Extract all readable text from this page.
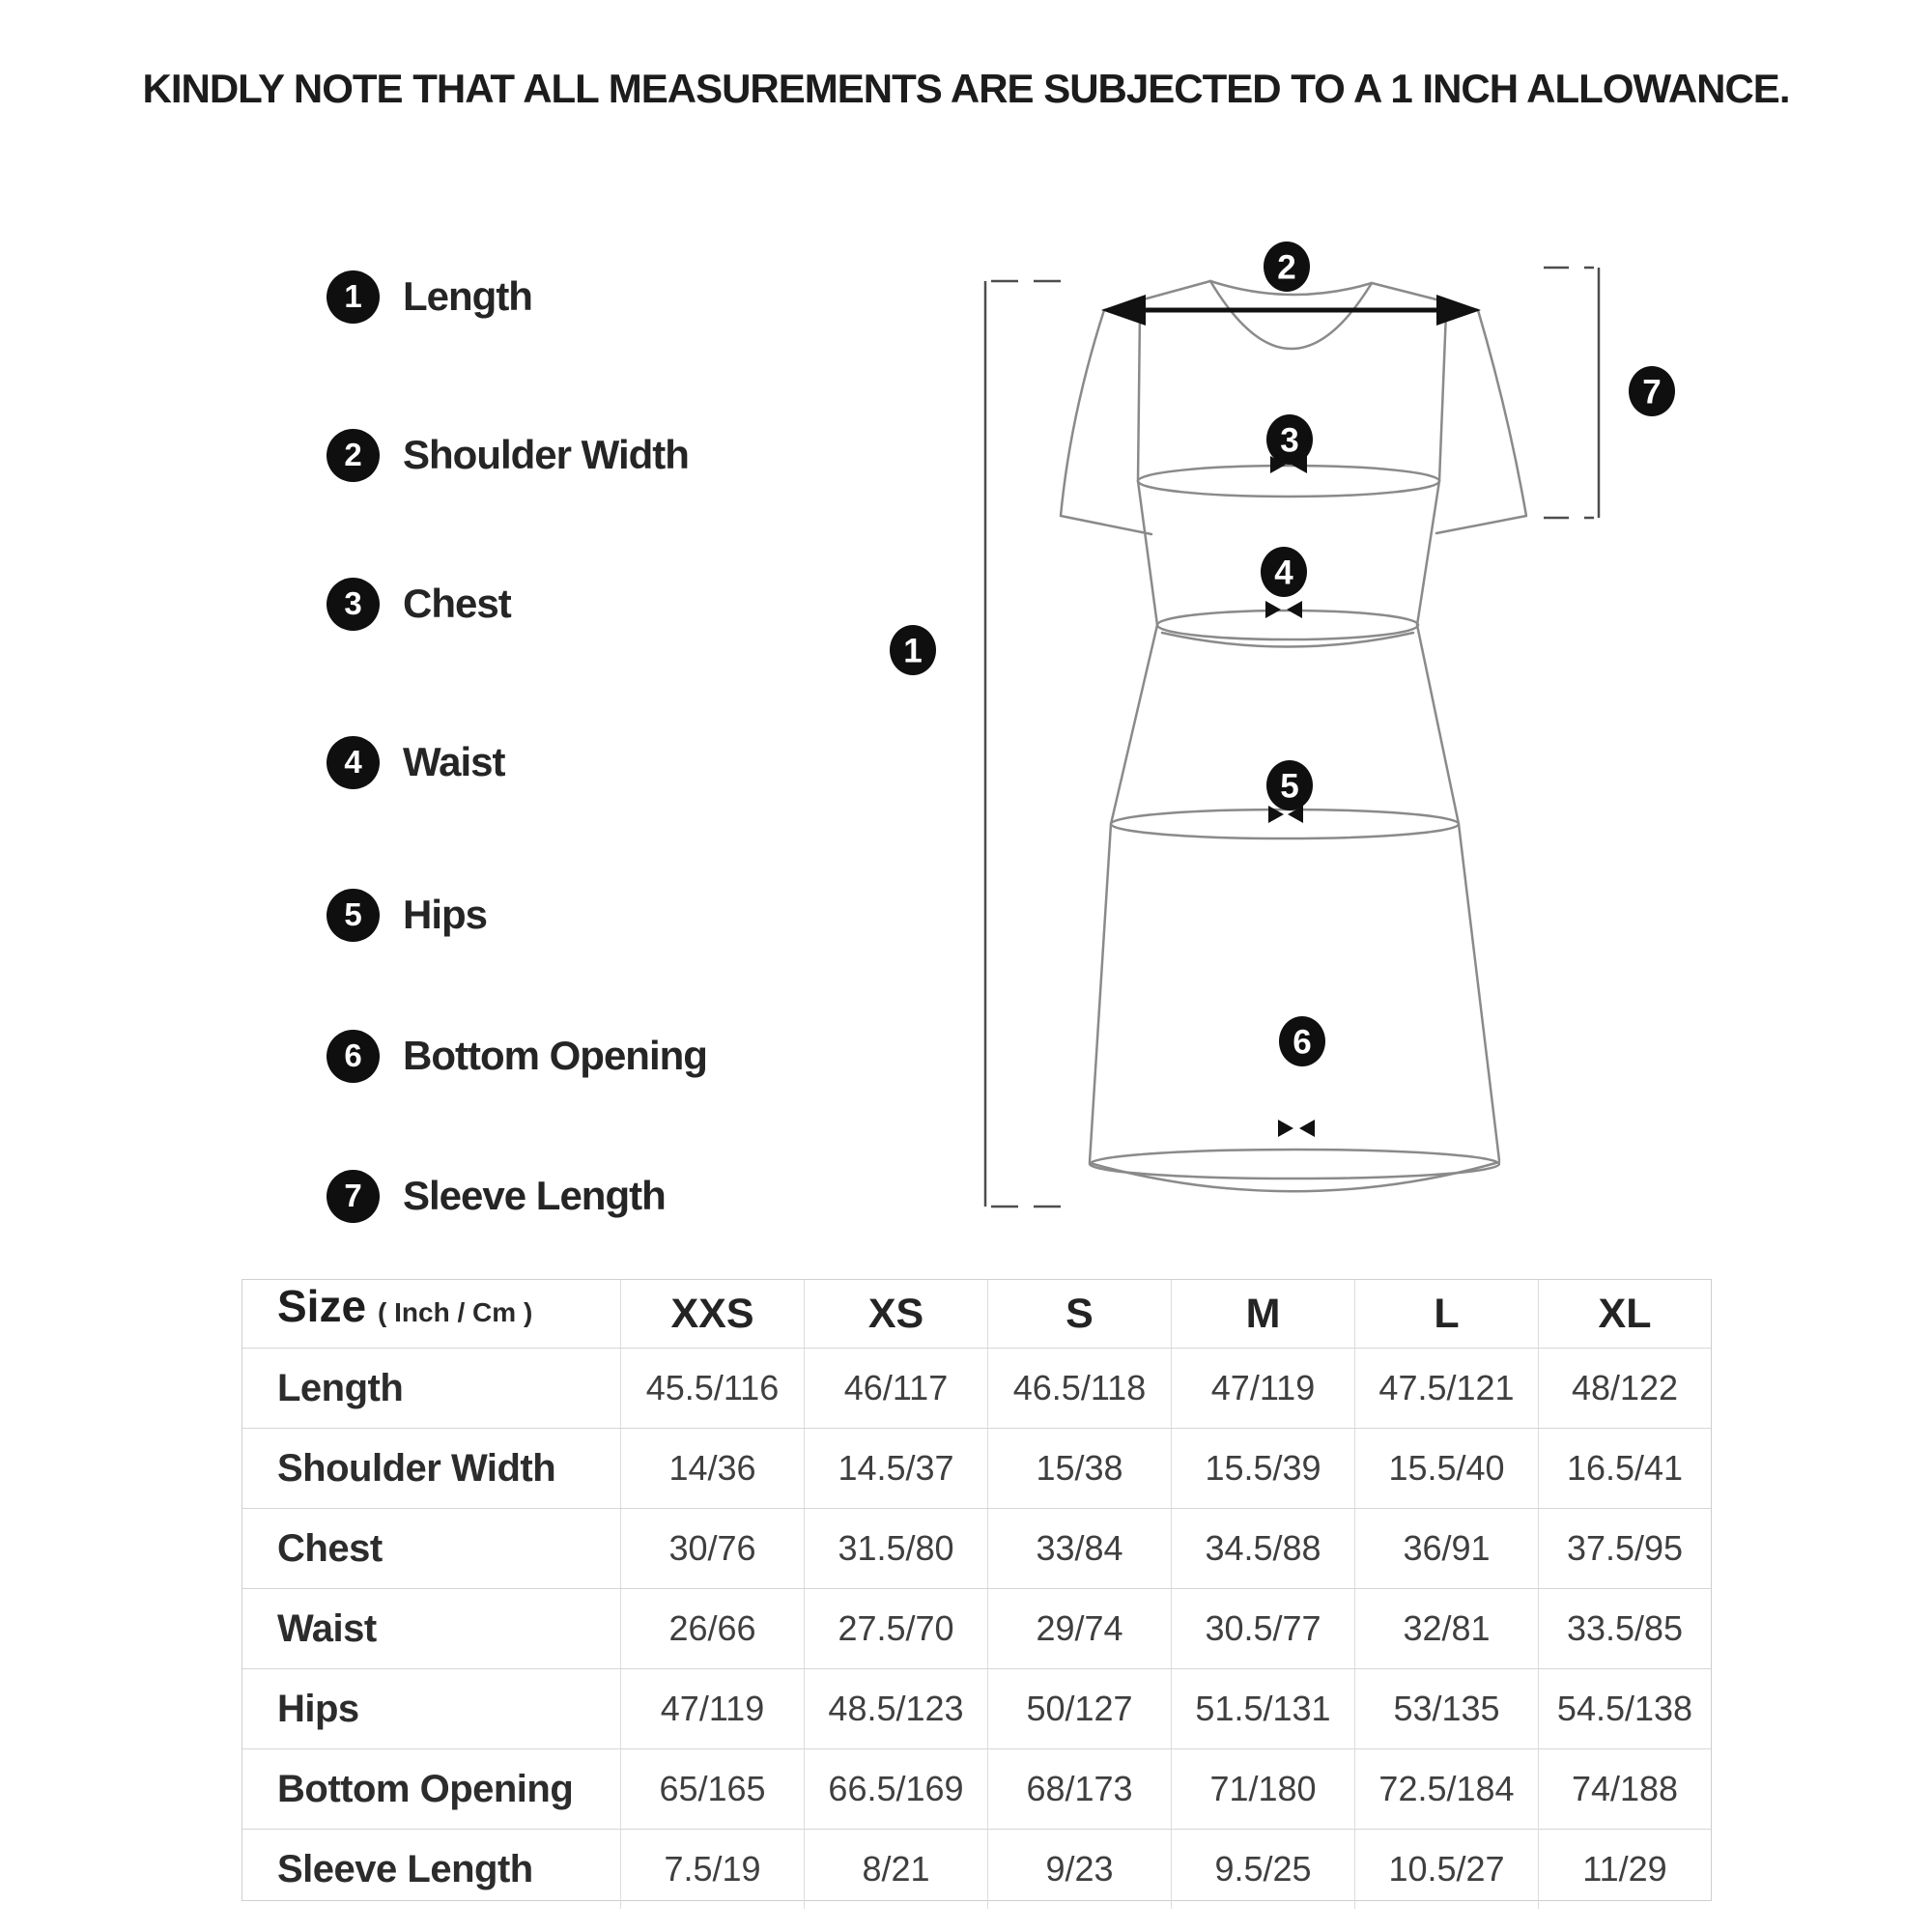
KINDLY NOTE THAT ALL MEASUREMENTS ARE SUBJECTED TO A 1 INCH ALLOWANCE.
1 Length
2 Shoulder Width
3 Chest
4 Waist
5 Hips
6 Bottom Opening
7 Sleeve Length
1
2
3
4
5
6
7
Size ( Inch / Cm )	XXS	XS	S	M	L	XL
Length	45.5/116	46/117	46.5/118	47/119	47.5/121	48/122
Shoulder Width	14/36	14.5/37	15/38	15.5/39	15.5/40	16.5/41
Chest	30/76	31.5/80	33/84	34.5/88	36/91	37.5/95
Waist	26/66	27.5/70	29/74	30.5/77	32/81	33.5/85
Hips	47/119	48.5/123	50/127	51.5/131	53/135	54.5/138
Bottom Opening	65/165	66.5/169	68/173	71/180	72.5/184	74/188
Sleeve Length	7.5/19	8/21	9/23	9.5/25	10.5/27	11/29
